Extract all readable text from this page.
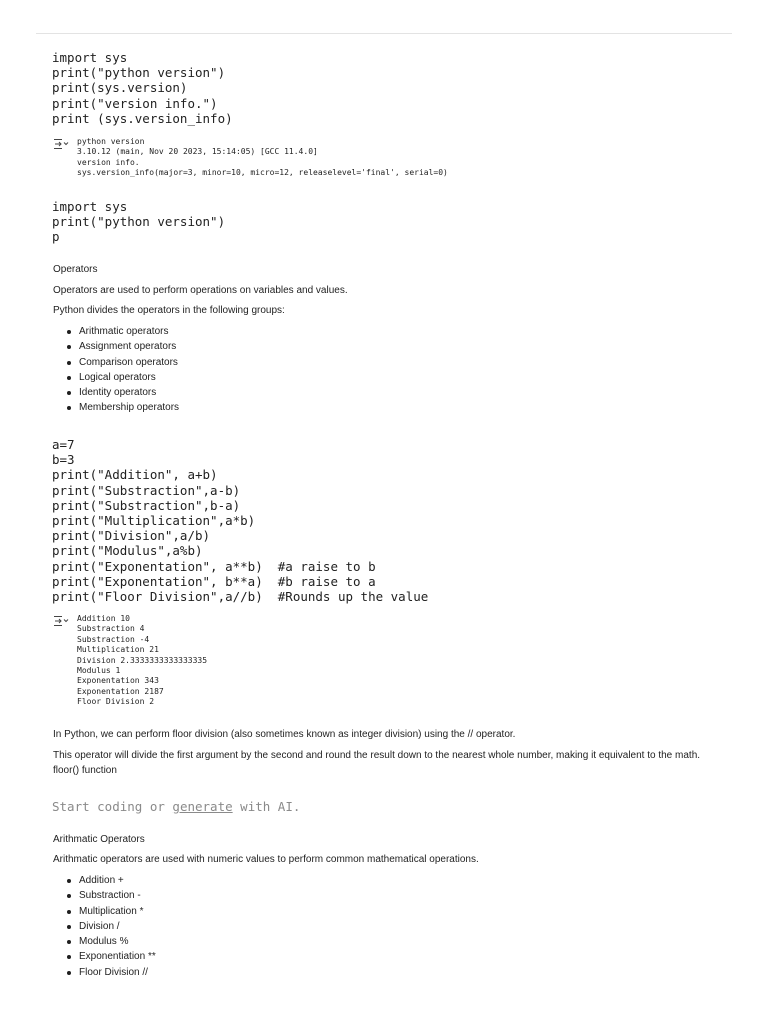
import sys
print("python version")
print(sys.version)
print("version info.")
print (sys.version_info)
python version
3.10.12 (main, Nov 20 2023, 15:14:05) [GCC 11.4.0]
version info.
sys.version_info(major=3, minor=10, micro=12, releaselevel='final', serial=0)
import sys
print("python version")
p

Operators

Operators are used to perform operations on variables and values.

Python divides the operators in the following groups:

Arithmatic operators
Assignment operators
Comparison operators
Logical operators
Identity operators
Membership operators
a=7
b=3
print("Addition", a+b)
print("Substraction",a-b)
print("Substraction",b-a)
print("Multiplication",a*b)
print("Division",a/b)
print("Modulus",a%b)
print("Exponentation", a**b)  #a raise to b
print("Exponentation", b**a)  #b raise to a
print("Floor Division",a//b)  #Rounds up the value
Addition 10
Substraction 4
Substraction -4
Multiplication 21
Division 2.3333333333333335
Modulus 1
Exponentation 343
Exponentation 2187
Floor Division 2

In Python, we can perform floor division (also sometimes known as integer division) using the // operator.

This operator will divide the first argument by the second and round the result down to the nearest whole number, making it equivalent to the math. floor() function

Start coding or generate with AI.

Arithmatic Operators

Arithmatic operators are used with numeric values to perform common mathematical operations.

Addition +
Substraction -
Multiplication *
Division /
Modulus %
Exponentiation **
Floor Division //
